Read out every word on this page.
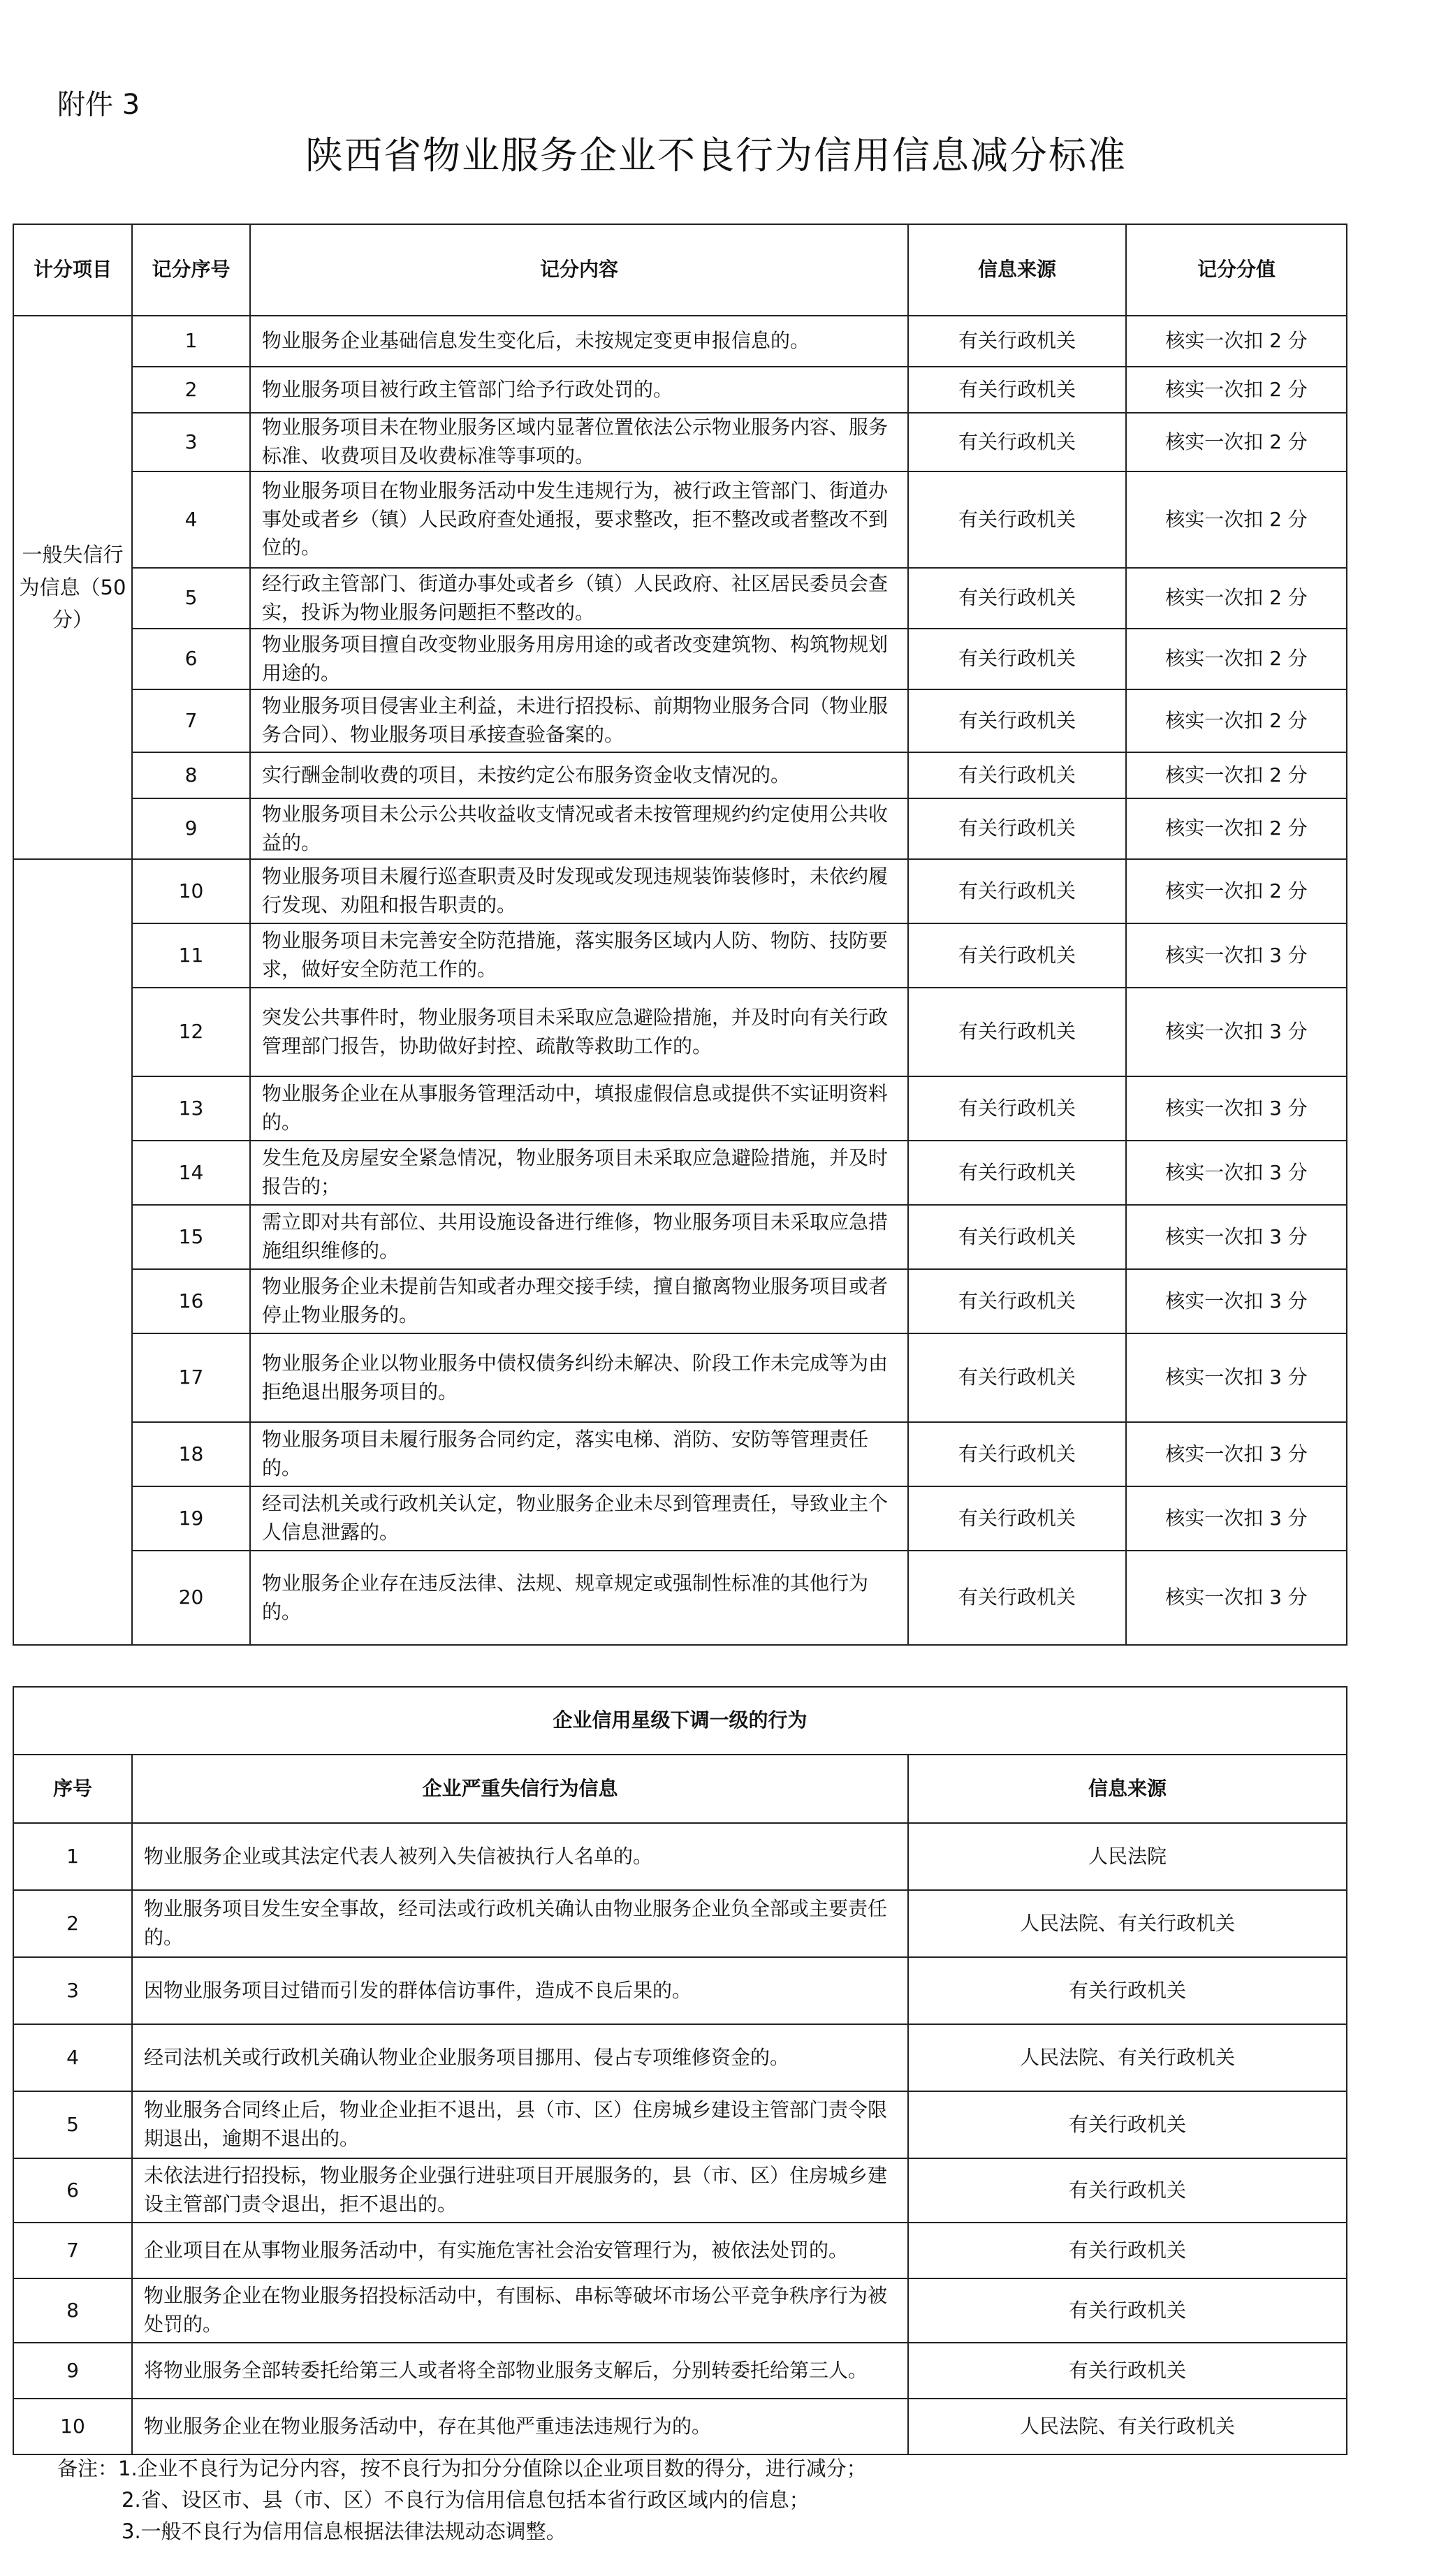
附件 3
陕西省物业服务企业不良行为信用信息减分标准
计分项目	记分序号	记分内容	信息来源	记分分值
一般失信行为信息（50分）	1	物业服务企业基础信息发生变化后，未按规定变更申报信息的。	有关行政机关	核实一次扣 2 分
	2	物业服务项目被行政主管部门给予行政处罚的。	有关行政机关	核实一次扣 2 分
	3	物业服务项目未在物业服务区域内显著位置依法公示物业服务内容、服务标准、收费项目及收费标准等事项的。	有关行政机关	核实一次扣 2 分
	4	物业服务项目在物业服务活动中发生违规行为，被行政主管部门、街道办事处或者乡（镇）人民政府查处通报，要求整改，拒不整改或者整改不到位的。	有关行政机关	核实一次扣 2 分
	5	经行政主管部门、街道办事处或者乡（镇）人民政府、社区居民委员会查实，投诉为物业服务问题拒不整改的。	有关行政机关	核实一次扣 2 分
	6	物业服务项目擅自改变物业服务用房用途的或者改变建筑物、构筑物规划用途的。	有关行政机关	核实一次扣 2 分
	7	物业服务项目侵害业主利益，未进行招投标、前期物业服务合同（物业服务合同）、物业服务项目承接查验备案的。	有关行政机关	核实一次扣 2 分
	8	实行酬金制收费的项目，未按约定公布服务资金收支情况的。	有关行政机关	核实一次扣 2 分
	9	物业服务项目未公示公共收益收支情况或者未按管理规约约定使用公共收益的。	有关行政机关	核实一次扣 2 分
	10	物业服务项目未履行巡查职责及时发现或发现违规装饰装修时，未依约履行发现、劝阻和报告职责的。	有关行政机关	核实一次扣 2 分
	11	物业服务项目未完善安全防范措施，落实服务区域内人防、物防、技防要求，做好安全防范工作的。	有关行政机关	核实一次扣 3 分
	12	突发公共事件时，物业服务项目未采取应急避险措施，并及时向有关行政管理部门报告，协助做好封控、疏散等救助工作的。	有关行政机关	核实一次扣 3 分
	13	物业服务企业在从事服务管理活动中，填报虚假信息或提供不实证明资料的。	有关行政机关	核实一次扣 3 分
	14	发生危及房屋安全紧急情况，物业服务项目未采取应急避险措施，并及时报告的；	有关行政机关	核实一次扣 3 分
	15	需立即对共有部位、共用设施设备进行维修，物业服务项目未采取应急措施组织维修的。	有关行政机关	核实一次扣 3 分
	16	物业服务企业未提前告知或者办理交接手续，擅自撤离物业服务项目或者停止物业服务的。	有关行政机关	核实一次扣 3 分
	17	物业服务企业以物业服务中债权债务纠纷未解决、阶段工作未完成等为由拒绝退出服务项目的。	有关行政机关	核实一次扣 3 分
	18	物业服务项目未履行服务合同约定，落实电梯、消防、安防等管理责任的。	有关行政机关	核实一次扣 3 分
	19	经司法机关或行政机关认定，物业服务企业未尽到管理责任，导致业主个人信息泄露的。	有关行政机关	核实一次扣 3 分
	20	物业服务企业存在违反法律、法规、规章规定或强制性标准的其他行为的。	有关行政机关	核实一次扣 3 分
企业信用星级下调一级的行为		
序号	企业严重失信行为信息	信息来源
1	物业服务企业或其法定代表人被列入失信被执行人名单的。	人民法院
2	物业服务项目发生安全事故，经司法或行政机关确认由物业服务企业负全部或主要责任的。	人民法院、有关行政机关
3	因物业服务项目过错而引发的群体信访事件，造成不良后果的。	有关行政机关
4	经司法机关或行政机关确认物业企业服务项目挪用、侵占专项维修资金的。	人民法院、有关行政机关
5	物业服务合同终止后，物业企业拒不退出，县（市、区）住房城乡建设主管部门责令限期退出，逾期不退出的。	有关行政机关
6	未依法进行招投标，物业服务企业强行进驻项目开展服务的，县（市、区）住房城乡建设主管部门责令退出，拒不退出的。	有关行政机关
7	企业项目在从事物业服务活动中，有实施危害社会治安管理行为，被依法处罚的。	有关行政机关
8	物业服务企业在物业服务招投标活动中，有围标、串标等破坏市场公平竞争秩序行为被处罚的。	有关行政机关
9	将物业服务全部转委托给第三人或者将全部物业服务支解后，分别转委托给第三人。	有关行政机关
10	物业服务企业在物业服务活动中，存在其他严重违法违规行为的。	人民法院、有关行政机关
备注：1.企业不良行为记分内容，按不良行为扣分分值除以企业项目数的得分，进行减分；
2.省、设区市、县（市、区）不良行为信用信息包括本省行政区域内的信息；
3.一般不良行为信用信息根据法律法规动态调整。
